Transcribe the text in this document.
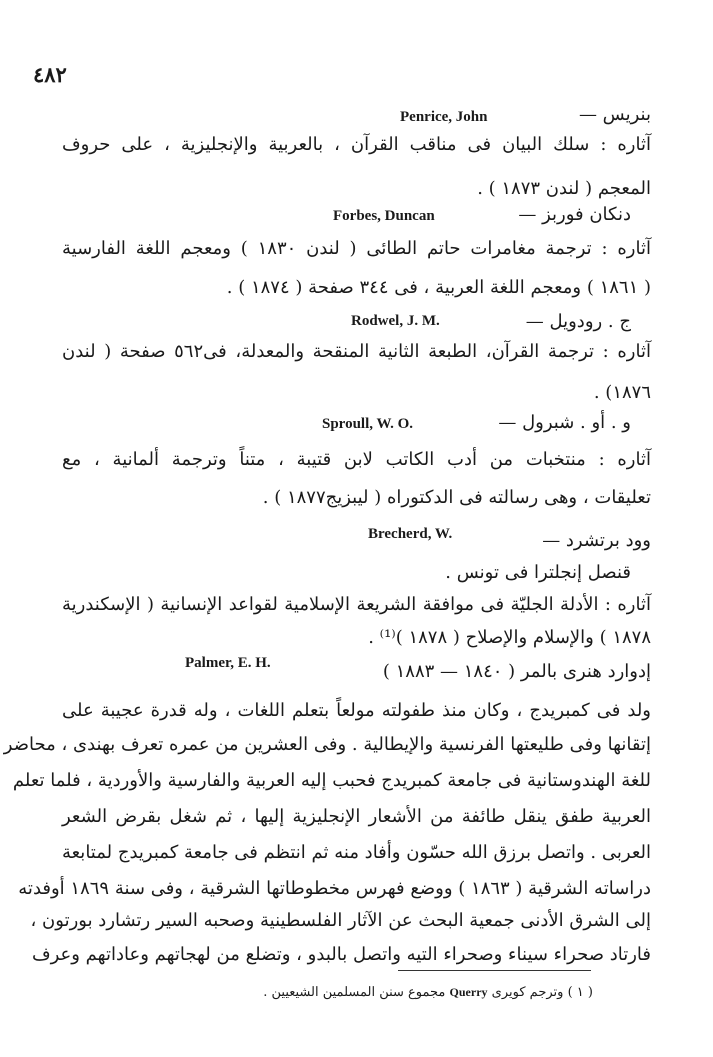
٤٨٢
Penrice, John	بنريس —
آثاره : سلك البيان فى مناقب القرآن ، بالعربية والإنجليزية ، على حروف
المعجم ( لندن ١٨٧٣ ) .
Forbes, Duncan	دنكان فوربز —
آثاره : ترجمة مغامرات حاتم الطائى ( لندن ١٨٣٠ ) ومعجم اللغة الفارسية
( ١٨٦١ ) ومعجم اللغة العربية ، فى ٣٤٤ صفحة ( ١٨٧٤ ) .
Rodwel, J. M.	ج . رودويل —
آثاره : ترجمة القرآن، الطبعة الثانية المنقحة والمعدلة، فى٥٦٢ صفحة ( لندن
١٨٧٦) .
Sproull, W. O.	و . أو . شبرول —
آثاره : منتخبات من أدب الكاتب لابن قتيبة ، متناً وترجمة ألمانية ، مع
تعليقات ، وهى رسالته فى الدكتوراه ( ليبزيج١٨٧٧ ) .
Brecherd, W.	وود برتشرد —
قنصل إنجلترا فى تونس .
آثاره : الأدلة الجليّة فى موافقة الشريعة الإسلامية لقواعد الإنسانية ( الإسكندرية
١٨٧٨ ) والإسلام والإصلاح ( ١٨٧٨ )⁽¹⁾ .
Palmer, E. H.	إدوارد هنرى بالمر ( ١٨٤٠ — ١٨٨٣ )
ولد فى كمبريدج ، وكان منذ طفولته مولعاً بتعلم اللغات ، وله قدرة عجيبة على
إتقانها وفى طليعتها الفرنسية والإيطالية . وفى العشرين من عمره تعرف بهندى ، محاضر
للغة الهندوستانية فى جامعة كمبريدج فحبب إليه العربية والفارسية والأوردية ، فلما تعلم
العربية طفق ينقل طائفة من الأشعار الإنجليزية إليها ، ثم شغل بقرض الشعر
العربى . واتصل برزق الله حسّون وأفاد منه ثم انتظم فى جامعة كمبريدج لمتابعة
دراساته الشرقية ( ١٨٦٣ ) ووضع فهرس مخطوطاتها الشرقية ، وفى سنة ١٨٦٩ أوفدته
إلى الشرق الأدنى جمعية البحث عن الآثار الفلسطينية وصحبه السير رتشارد بورتون ،
فارتاد صحراء سيناء وصحراء التيه واتصل بالبدو ، وتضلع من لهجاتهم وعاداتهم وعرف
( ١ ) وترجم كويرى Querry مجموع سنن المسلمين الشيعيين .
